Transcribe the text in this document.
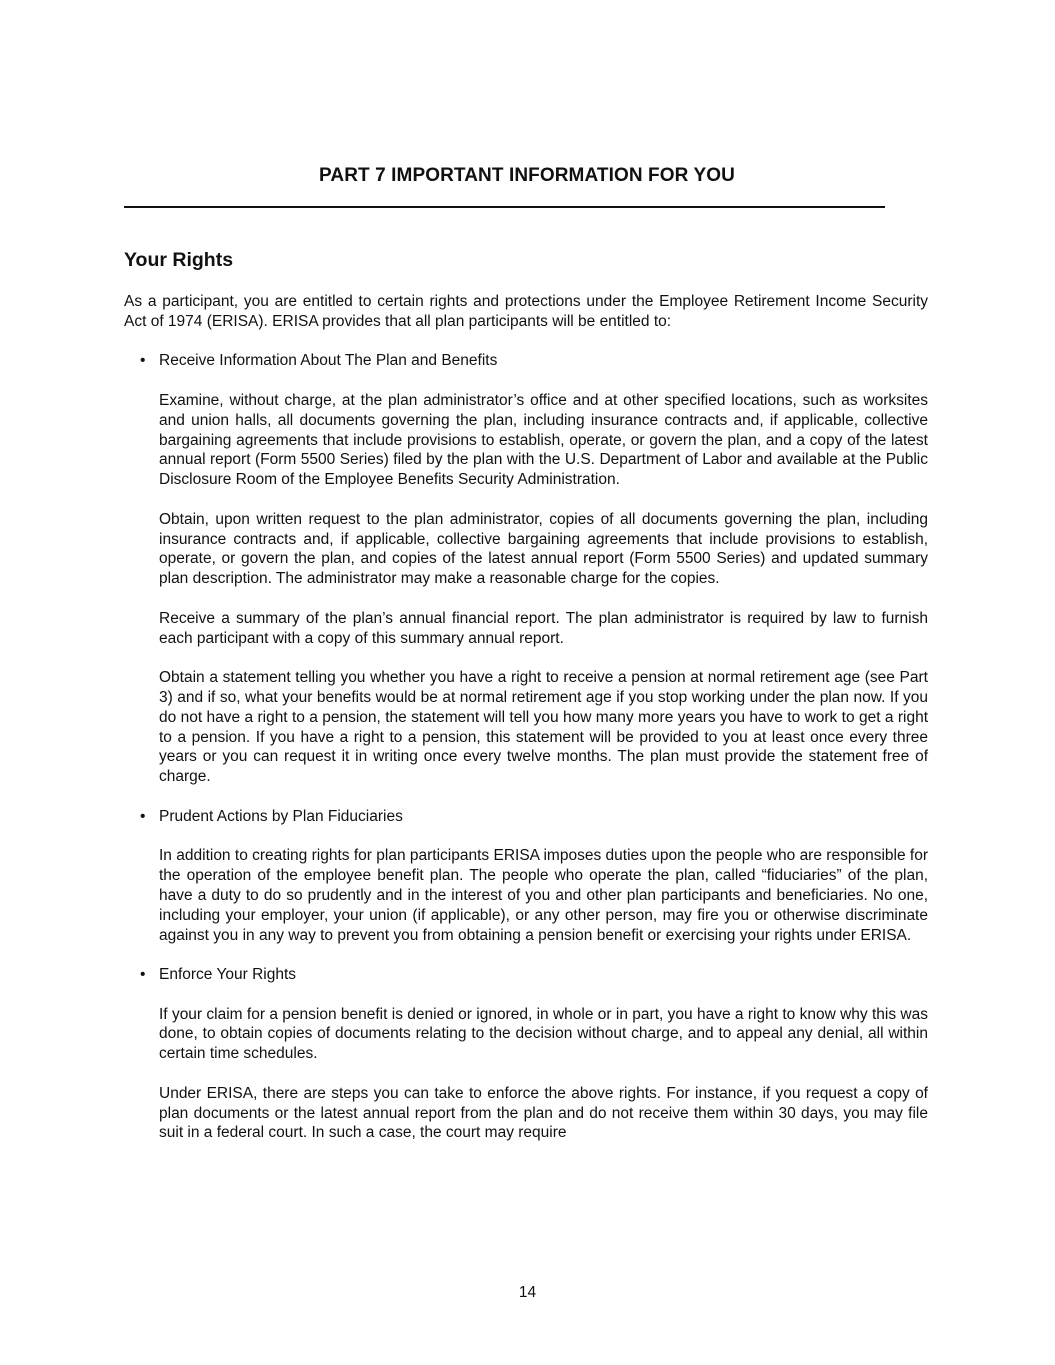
PART 7 IMPORTANT INFORMATION FOR YOU
Your Rights

As a participant, you are entitled to certain rights and protections under the Employee Retirement Income Security Act of 1974 (ERISA). ERISA provides that all plan participants will be entitled to:

• Receive Information About The Plan and Benefits

Examine, without charge, at the plan administrator’s office and at other specified locations, such as worksites and union halls, all documents governing the plan, including insurance contracts and, if applicable, collective bargaining agreements that include provisions to establish, operate, or govern the plan, and a copy of the latest annual report (Form 5500 Series) filed by the plan with the U.S. Department of Labor and available at the Public Disclosure Room of the Employee Benefits Security Administration.

Obtain, upon written request to the plan administrator, copies of all documents governing the plan, including insurance contracts and, if applicable, collective bargaining agreements that include provisions to establish, operate, or govern the plan, and copies of the latest annual report (Form 5500 Series) and updated summary plan description. The administrator may make a reasonable charge for the copies.

Receive a summary of the plan’s annual financial report. The plan administrator is required by law to furnish each participant with a copy of this summary annual report.

Obtain a statement telling you whether you have a right to receive a pension at normal retirement age (see Part 3) and if so, what your benefits would be at normal retirement age if you stop working under the plan now. If you do not have a right to a pension, the statement will tell you how many more years you have to work to get a right to a pension. If you have a right to a pension, this statement will be provided to you at least once every three years or you can request it in writing once every twelve months. The plan must provide the statement free of charge.

• Prudent Actions by Plan Fiduciaries

In addition to creating rights for plan participants ERISA imposes duties upon the people who are responsible for the operation of the employee benefit plan. The people who operate the plan, called “fiduciaries” of the plan, have a duty to do so prudently and in the interest of you and other plan participants and beneficiaries. No one, including your employer, your union (if applicable), or any other person, may fire you or otherwise discriminate against you in any way to prevent you from obtaining a pension benefit or exercising your rights under ERISA.

• Enforce Your Rights

If your claim for a pension benefit is denied or ignored, in whole or in part, you have a right to know why this was done, to obtain copies of documents relating to the decision without charge, and to appeal any denial, all within certain time schedules.

Under ERISA, there are steps you can take to enforce the above rights. For instance, if you request a copy of plan documents or the latest annual report from the plan and do not receive them within 30 days, you may file suit in a federal court. In such a case, the court may require

14
